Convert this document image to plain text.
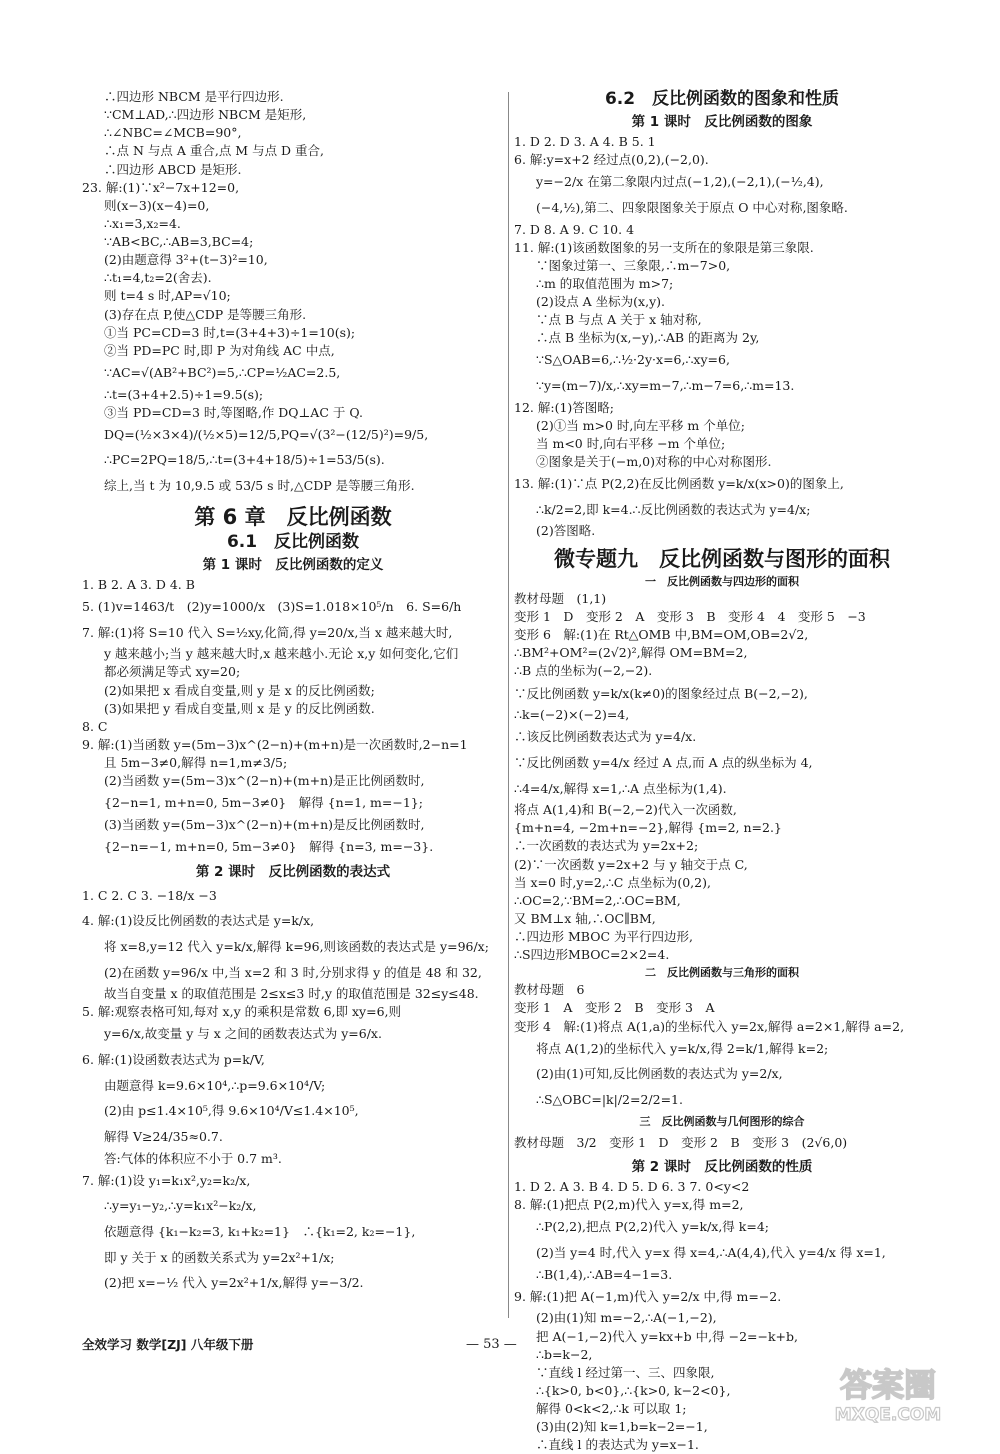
∴四边形 NBCM 是平行四边形.
∵CM⊥AD,∴四边形 NBCM 是矩形,
∴∠NBC=∠MCB=90°,
∴点 N 与点 A 重合,点 M 与点 D 重合,
∴四边形 ABCD 是矩形.
23. 解:(1)∵x²−7x+12=0,
则(x−3)(x−4)=0,
∴x₁=3,x₂=4.
∵AB<BC,∴AB=3,BC=4;
(2)由题意得 3²+(t−3)²=10,
∴t₁=4,t₂=2(舍去).
则 t=4 s 时,AP=√10;
(3)存在点 P,使△CDP 是等腰三角形.
①当 PC=CD=3 时,t=(3+4+3)÷1=10(s);
②当 PD=PC 时,即 P 为对角线 AC 中点,
∵AC=√(AB²+BC²)=5,∴CP=½AC=2.5,
∴t=(3+4+2.5)÷1=9.5(s);
③当 PD=CD=3 时,等图略,作 DQ⊥AC 于 Q.
DQ=(½×3×4)/(½×5)=12/5,PQ=√(3²−(12/5)²)=9/5,
∴PC=2PQ=18/5,∴t=(3+4+18/5)÷1=53/5(s).
综上,当 t 为 10,9.5 或 53/5 s 时,△CDP 是等腰三角形.
第 6 章　反比例函数
6.1　反比例函数
第 1 课时　反比例函数的定义
1. B 2. A 3. D 4. B
5. (1)v=1463/t　(2)y=1000/x　(3)S=1.018×10⁵/n　6. S=6/h
7. 解:(1)将 S=10 代入 S=½xy,化简,得 y=20/x,当 x 越来越大时,
y 越来越小;当 y 越来越大时,x 越来越小.无论 x,y 如何变化,它们
都必须满足等式 xy=20;
(2)如果把 x 看成自变量,则 y 是 x 的反比例函数;
(3)如果把 y 看成自变量,则 x 是 y 的反比例函数.
8. C
9. 解:(1)当函数 y=(5m−3)x^(2−n)+(m+n)是一次函数时,2−n=1
且 5m−3≠0,解得 n=1,m≠3/5;
(2)当函数 y=(5m−3)x^(2−n)+(m+n)是正比例函数时,
{2−n=1, m+n=0, 5m−3≠0}　解得 {n=1, m=−1};
(3)当函数 y=(5m−3)x^(2−n)+(m+n)是反比例函数时,
{2−n=−1, m+n=0, 5m−3≠0}　解得 {n=3, m=−3}.
第 2 课时　反比例函数的表达式
1. C 2. C 3. −18/x −3
4. 解:(1)设反比例函数的表达式是 y=k/x,
将 x=8,y=12 代入 y=k/x,解得 k=96,则该函数的表达式是 y=96/x;
(2)在函数 y=96/x 中,当 x=2 和 3 时,分别求得 y 的值是 48 和 32,
故当自变量 x 的取值范围是 2≤x≤3 时,y 的取值范围是 32≤y≤48.
5. 解:观察表格可知,每对 x,y 的乘积是常数 6,即 xy=6,则
y=6/x,故变量 y 与 x 之间的函数表达式为 y=6/x.
6. 解:(1)设函数表达式为 p=k/V,
由题意得 k=9.6×10⁴,∴p=9.6×10⁴/V;
(2)由 p≤1.4×10⁵,得 9.6×10⁴/V≤1.4×10⁵,
解得 V≥24/35≈0.7.
答:气体的体积应不小于 0.7 m³.
7. 解:(1)设 y₁=k₁x²,y₂=k₂/x,
∴y=y₁−y₂,∴y=k₁x²−k₂/x,
依题意得 {k₁−k₂=3, k₁+k₂=1}　∴{k₁=2, k₂=−1},
即 y 关于 x 的函数关系式为 y=2x²+1/x;
(2)把 x=−½ 代入 y=2x²+1/x,解得 y=−3/2.
6.2　反比例函数的图象和性质
第 1 课时　反比例函数的图象
1. D 2. D 3. A 4. B 5. 1
6. 解:y=x+2 经过点(0,2),(−2,0).
y=−2/x 在第二象限内过点(−1,2),(−2,1),(−½,4),
(−4,½),第二、四象限图象关于原点 O 中心对称,图象略.
7. D 8. A 9. C 10. 4
11. 解:(1)该函数图象的另一支所在的象限是第三象限.
∵图象过第一、三象限,∴m−7>0,
∴m 的取值范围为 m>7;
(2)设点 A 坐标为(x,y).
∵点 B 与点 A 关于 x 轴对称,
∴点 B 坐标为(x,−y),∴AB 的距离为 2y,
∵S△OAB=6,∴½·2y·x=6,∴xy=6,
∵y=(m−7)/x,∴xy=m−7,∴m−7=6,∴m=13.
12. 解:(1)答图略;
(2)①当 m>0 时,向左平移 m 个单位;
当 m<0 时,向右平移 −m 个单位;
②图象是关于(−m,0)对称的中心对称图形.
13. 解:(1)∵点 P(2,2)在反比例函数 y=k/x(x>0)的图象上,
∴k/2=2,即 k=4.∴反比例函数的表达式为 y=4/x;
(2)答图略.
微专题九　反比例函数与图形的面积
一　反比例函数与四边形的面积
教材母题　(1,1)
变形 1　D　变形 2　A　变形 3　B　变形 4　4　变形 5　−3
变形 6　解:(1)在 Rt△OMB 中,BM=OM,OB=2√2,
∴BM²+OM²=(2√2)²,解得 OM=BM=2,
∴B 点的坐标为(−2,−2).
∵反比例函数 y=k/x(k≠0)的图象经过点 B(−2,−2),
∴k=(−2)×(−2)=4,
∴该反比例函数表达式为 y=4/x.
∵反比例函数 y=4/x 经过 A 点,而 A 点的纵坐标为 4,
∴4=4/x,解得 x=1,∴A 点坐标为(1,4).
将点 A(1,4)和 B(−2,−2)代入一次函数,
{m+n=4, −2m+n=−2},解得 {m=2, n=2.}
∴一次函数的表达式为 y=2x+2;
(2)∵一次函数 y=2x+2 与 y 轴交于点 C,
当 x=0 时,y=2,∴C 点坐标为(0,2),
∴OC=2,∵BM=2,∴OC=BM,
又 BM⊥x 轴,∴OC∥BM,
∴四边形 MBOC 为平行四边形,
∴S四边形MBOC=2×2=4.
二　反比例函数与三角形的面积
教材母题　6
变形 1　A　变形 2　B　变形 3　A
变形 4　解:(1)将点 A(1,a)的坐标代入 y=2x,解得 a=2×1,解得 a=2,
将点 A(1,2)的坐标代入 y=k/x,得 2=k/1,解得 k=2;
(2)由(1)可知,反比例函数的表达式为 y=2/x,
∴S△OBC=|k|/2=2/2=1.
三　反比例函数与几何图形的综合
教材母题　3/2　变形 1　D　变形 2　B　变形 3　(2√6,0)
第 2 课时　反比例函数的性质
1. D 2. A 3. B 4. D 5. D 6. 3 7. 0<y<2
8. 解:(1)把点 P(2,m)代入 y=x,得 m=2,
∴P(2,2),把点 P(2,2)代入 y=k/x,得 k=4;
(2)当 y=4 时,代入 y=x 得 x=4,∴A(4,4),代入 y=4/x 得 x=1,
∴B(1,4),∴AB=4−1=3.
9. 解:(1)把 A(−1,m)代入 y=2/x 中,得 m=−2.
(2)由(1)知 m=−2,∴A(−1,−2),
把 A(−1,−2)代入 y=kx+b 中,得 −2=−k+b,
∴b=k−2,
∵直线 l 经过第一、三、四象限,
∴{k>0, b<0},∴{k>0, k−2<0},
解得 0<k<2,∴k 可以取 1;
(3)由(2)知 k=1,b=k−2=−1,
∴直线 l 的表达式为 y=x−1.
全效学习 数学[ZJ] 八年级下册	— 53 —
答案圈
MXQE.COM
